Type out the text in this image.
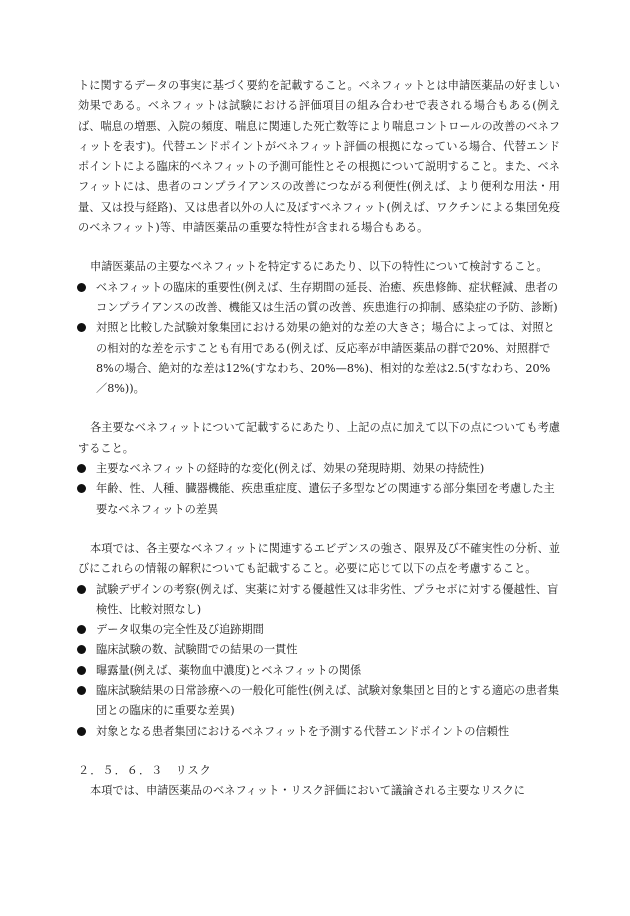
トに関するデータの事実に基づく要約を記載すること。ベネフィットとは申請医薬品の好ましい効果である。ベネフィットは試験における評価項目の組み合わせで表される場合もある(例えば、喘息の増悪、入院の頻度、喘息に関連した死亡数等により喘息コントロールの改善のベネフィットを表す)。代替エンドポイントがベネフィット評価の根拠になっている場合、代替エンドポイントによる臨床的ベネフィットの予測可能性とその根拠について説明すること。また、ベネフィットには、患者のコンプライアンスの改善につながる利便性(例えば、より便利な用法・用量、又は投与経路)、又は患者以外の人に及ぼすベネフィット(例えば、ワクチンによる集団免疫のベネフィット)等、申請医薬品の重要な特性が含まれる場合もある。

申請医薬品の主要なベネフィットを特定するにあたり、以下の特性について検討すること。

ベネフィットの臨床的重要性(例えば、生存期間の延長、治癒、疾患修飾、症状軽減、患者のコンプライアンスの改善、機能又は生活の質の改善、疾患進行の抑制、感染症の予防、診断)
対照と比較した試験対象集団における効果の絶対的な差の大きさ；場合によっては、対照との相対的な差を示すことも有用である(例えば、反応率が申請医薬品の群で20%、対照群で8%の場合、絶対的な差は12%(すなわち、20%—8%)、相対的な差は2.5(すなわち、20%／8%))。

各主要なベネフィットについて記載するにあたり、上記の点に加えて以下の点についても考慮すること。

主要なベネフィットの経時的な変化(例えば、効果の発現時期、効果の持続性)
年齢、性、人種、臓器機能、疾患重症度、遺伝子多型などの関連する部分集団を考慮した主要なベネフィットの差異

本項では、各主要なベネフィットに関連するエビデンスの強さ、限界及び不確実性の分析、並びにこれらの情報の解釈についても記載すること。必要に応じて以下の点を考慮すること。

試験デザインの考察(例えば、実薬に対する優越性又は非劣性、プラセボに対する優越性、盲検性、比較対照なし)
データ収集の完全性及び追跡期間
臨床試験の数、試験間での結果の一貫性
曝露量(例えば、薬物血中濃度)とベネフィットの関係
臨床試験結果の日常診療への一般化可能性(例えば、試験対象集団と目的とする適応の患者集団との臨床的に重要な差異)
対象となる患者集団におけるベネフィットを予測する代替エンドポイントの信頼性

２．５．６．３　リスク

本項では、申請医薬品のベネフィット・リスク評価において議論される主要なリスクに
